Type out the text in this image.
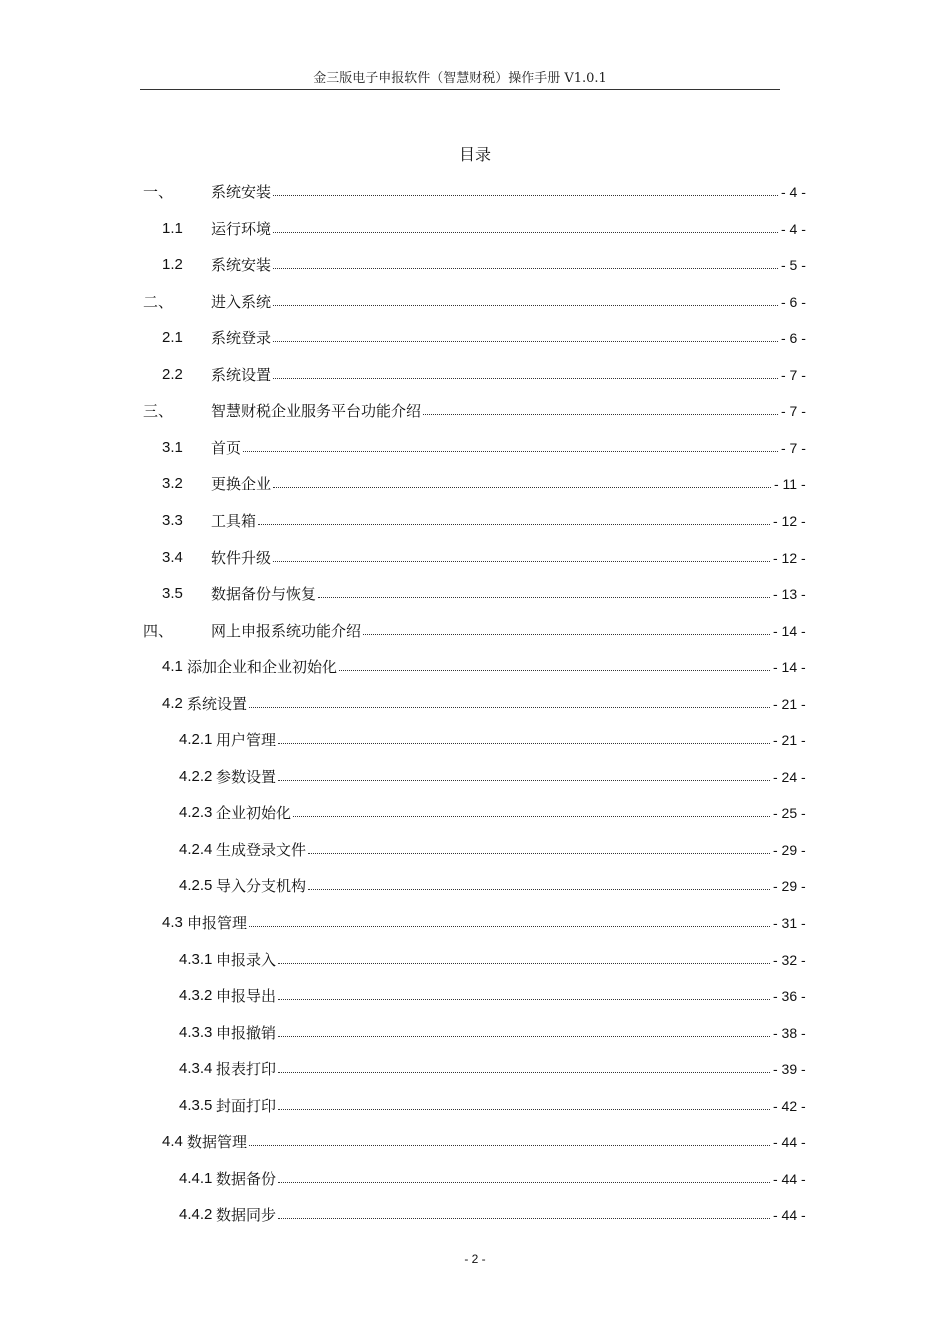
金三版电子申报软件（智慧财税）操作手册 V1.0.1
目录
一、	系统安装	- 4 -
1.1 运行环境	- 4 -
1.2 系统安装	- 5 -
二、	进入系统	- 6 -
2.1 系统登录	- 6 -
2.2 系统设置	- 7 -
三、	智慧财税企业服务平台功能介绍	- 7 -
3.1 首页	- 7 -
3.2 更换企业	- 11 -
3.3 工具箱	- 12 -
3.4 软件升级	- 12 -
3.5 数据备份与恢复	- 13 -
四、	网上申报系统功能介绍	- 14 -
4.1 添加企业和企业初始化	- 14 -
4.2 系统设置	- 21 -
4.2.1 用户管理	- 21 -
4.2.2 参数设置	- 24 -
4.2.3 企业初始化	- 25 -
4.2.4 生成登录文件	- 29 -
4.2.5 导入分支机构	- 29 -
4.3 申报管理	- 31 -
4.3.1 申报录入	- 32 -
4.3.2 申报导出	- 36 -
4.3.3 申报撤销	- 38 -
4.3.4 报表打印	- 39 -
4.3.5 封面打印	- 42 -
4.4 数据管理	- 44 -
4.4.1 数据备份	- 44 -
4.4.2 数据同步	- 44 -
- 2 -
